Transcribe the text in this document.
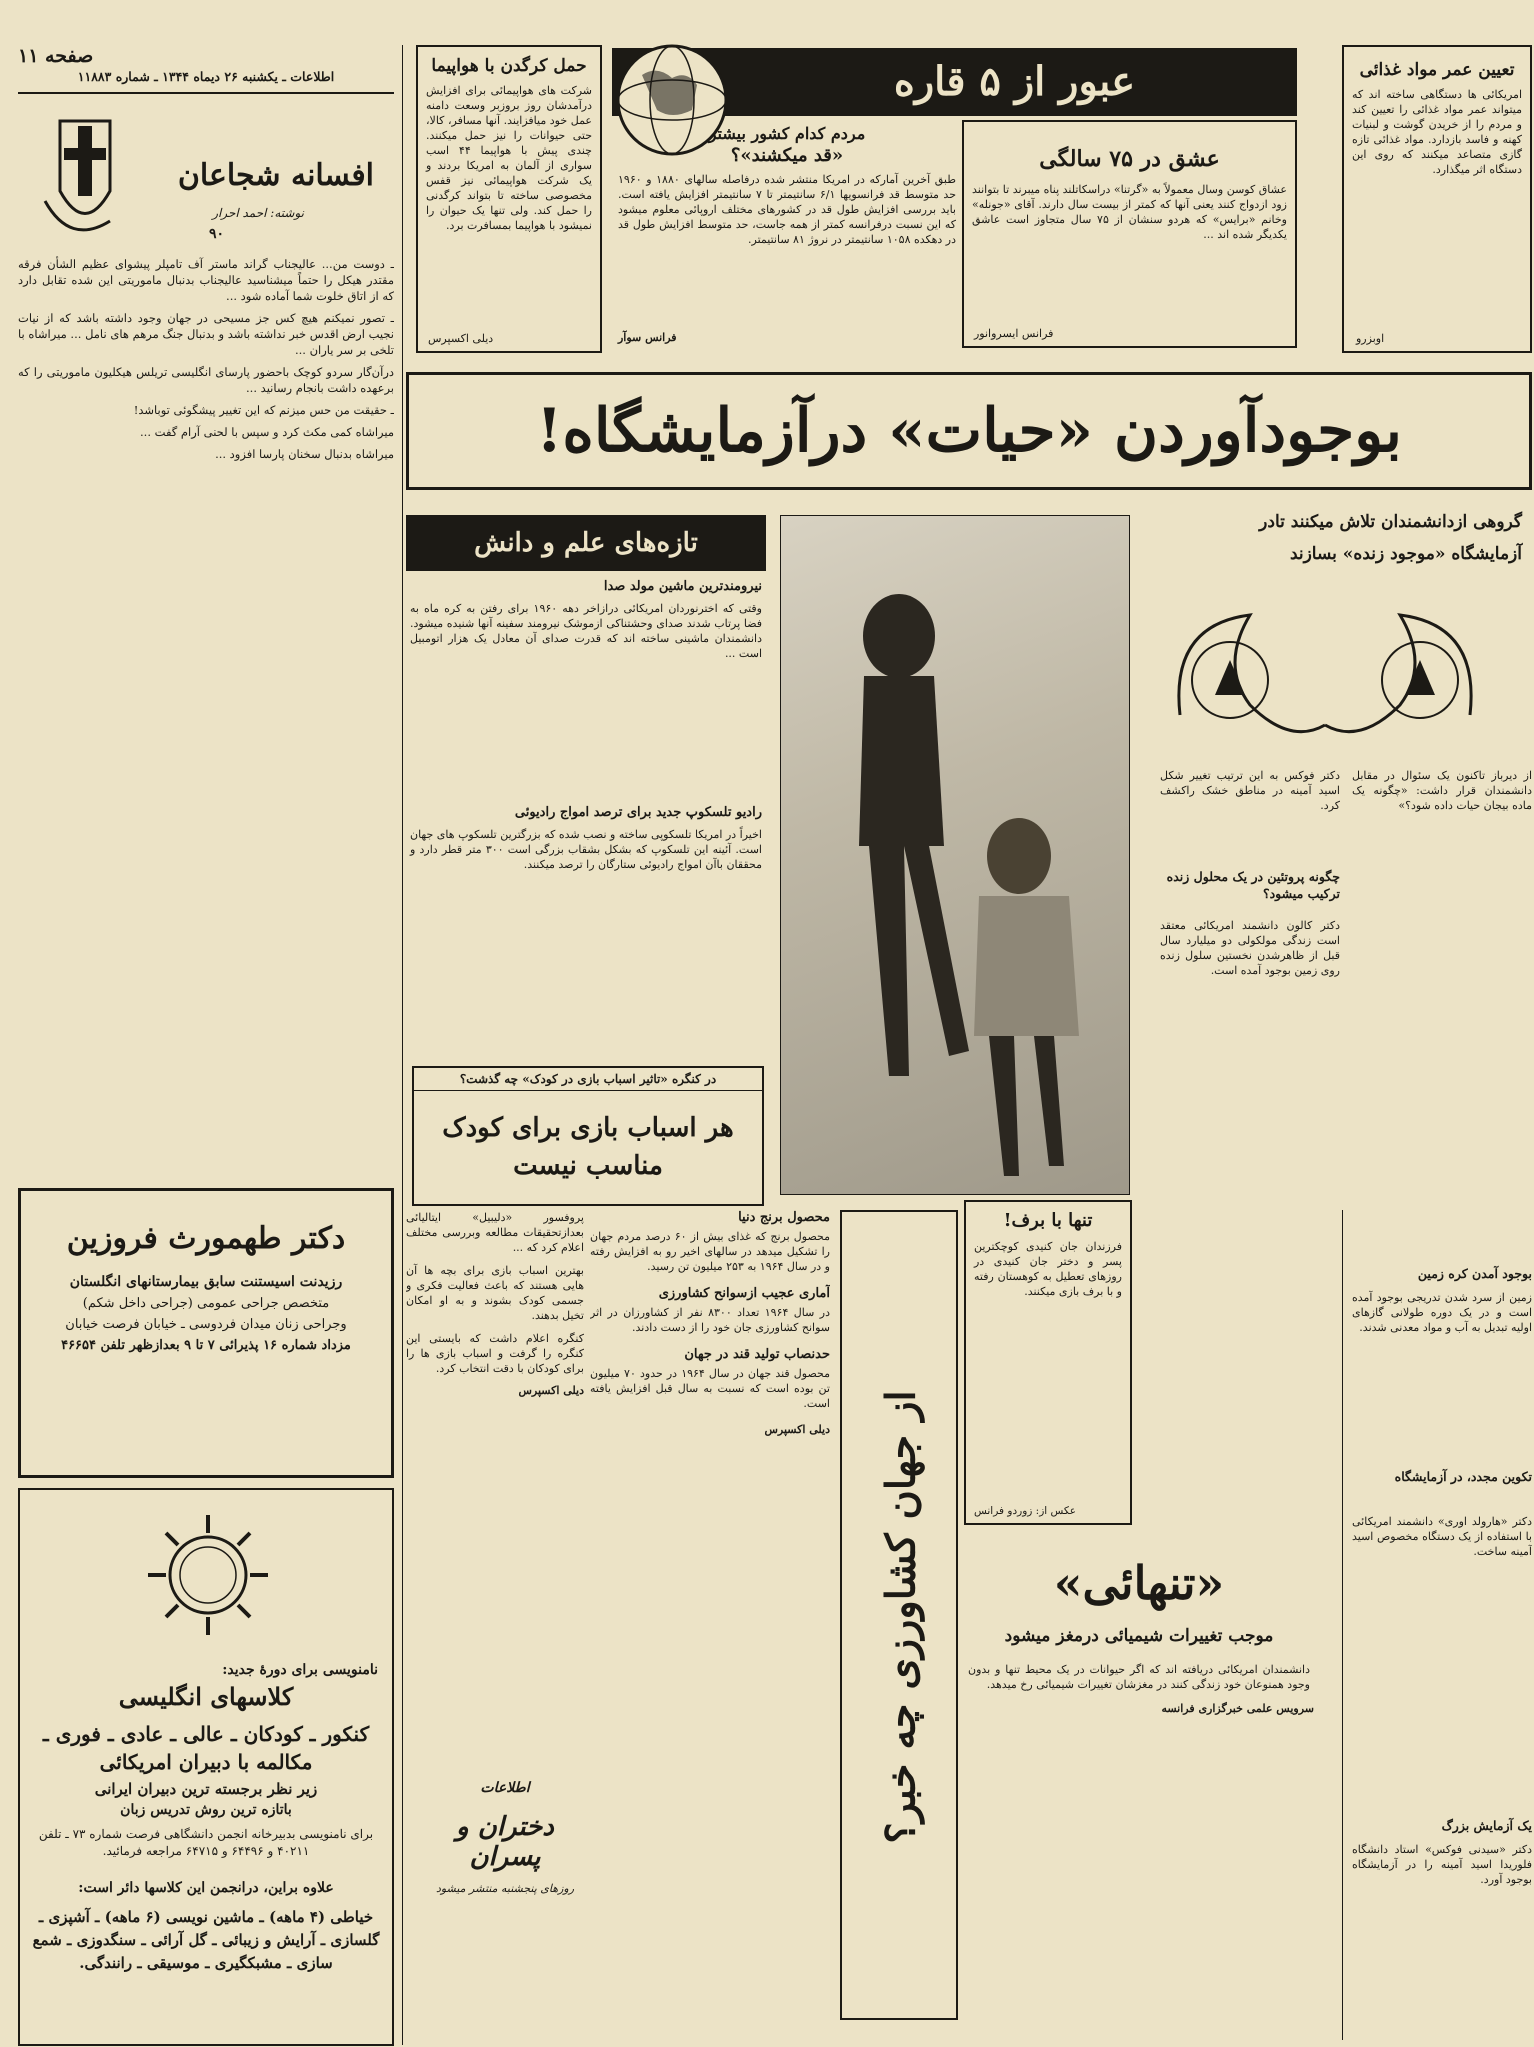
صفحه ۱۱
اطلاعات ـ یکشنبه ۲۶ دیماه ۱۳۴۴ ـ شماره ۱۱۸۸۳
افسانه شجاعان
نوشته: احمد احرار
۹۰

ـ دوست من... عالیجناب گراند ماستر آف تامپلر پیشوای عظیم الشأن فرقه مقتدر هیکل را حتماً میشناسید عالیجناب بدنبال ماموریتی این شده تقابل دارد که از اتاق خلوت شما آماده شود ...

ـ تصور نمیکنم هیچ کس جز مسیحی در جهان وجود داشته باشد که از نیات نجیب ارض اقدس خبر نداشته باشد و بدنبال جنگ مرهم های نامل ... میراشاه با تلخی بر سر یاران ...

درآن‌گار سردو کوچک باحضور پارسای انگلیسی تریلس هیکلیون ماموریتی را که برعهده داشت بانجام رسانید ...

ـ حقیقت من حس میزنم که این تغییر پیشگوئی توباشد!

میراشاه کمی مکث کرد و سپس با لحنی آرام گفت ...

میراشاه بدنبال سخنان پارسا افزود ...

دکتر طهمورث فروزین
رزیدنت اسیستنت سابق بیمارستانهای انگلستان
متخصص جراحی عمومی (جراحی داخل شکم)
وجراحی زنان میدان فردوسی ـ خیابان فرصت خیابان
مزداد شماره ۱۶ پذیرائی ۷ تا ۹ بعدازظهر تلفن ۴۶۶۵۴
نامنویسی برای دورهٔ جدید:
کلاسهای انگلیسی
کنکور ـ کودکان ـ عالی ـ عادی ـ فوری ـ مکالمه با دبیران امریکائی
زیر نظر برجسته ترین دبیران ایرانی
باتازه ترین روش تدریس زبان
برای نامنویسی بدبیرخانه انجمن دانشگاهی فرصت شماره ۷۳ ـ تلفن ۴۰۲۱۱ و ۶۴۴۹۶ و ۶۴۷۱۵ مراجعه فرمائید.
علاوه براین، درانجمن این کلاسها دائر است:
خیاطی (۴ ماهه) ـ ماشین نویسی (۶ ماهه) ـ آشپزی ـ گلسازی ـ آرایش و زیبائی ـ گل آرائی ـ سنگدوزی ـ شمع سازی ـ مشبکگیری ـ موسیقی ـ رانندگی.
حمل کرگدن با هواپیما
شرکت های هواپیمائی برای افزایش درآمدشان روز بروزبر وسعت دامنه عمل خود میافزایند. آنها مسافر، کالا، حتی حیوانات را نیز حمل میکنند. چندی پیش با هواپیما ۴۴ اسب سواری از آلمان به امریکا بردند و یک شرکت هواپیمائی نیز قفس مخصوصی ساخته تا بتواند کرگدنی را حمل کند. ولی تنها یک حیوان را نمیشود با هواپیما بمسافرت برد.
دیلی اکسپرس
عبور از ۵ قاره
مردم کدام کشور بیشتر
«قد میکشند»؟
طبق آخرین آمارکه در امریکا منتشر شده درفاصله سالهای ۱۸۸۰ و ۱۹۶۰ حد متوسط قد فرانسویها ۶/۱ سانتیمتر تا ۷ سانتیمتر افزایش یافته است. باید بررسی افزایش طول قد در کشورهای مختلف اروپائی معلوم میشود که این نسبت درفرانسه کمتر از همه جاست، حد متوسط افزایش طول قد در دهکده ۱۰۵۸ سانتیمتر در نروژ ۸۱ سانتیمتر.
فرانس سوآر
عشق در ۷۵ سالگی
عشاق کوسن وسال معمولاً به «گرتنا» دراسکاتلند پناه میبرند تا بتوانند زود ازدواج کنند یعنی آنها که کمتر از بیست سال دارند. آقای «جونله» وخانم «برایس» که هردو سنشان از ۷۵ سال متجاوز است عاشق یکدیگر شده اند ...
فرانس ایسروانور
تعیین عمر مواد غذائی
امریکائی ها دستگاهی ساخته اند که میتواند عمر مواد غذائی را تعیین کند و مردم را از خریدن گوشت و لبنیات کهنه و فاسد بازدارد. مواد غذائی تازه گازی متصاعد میکنند که روی این دستگاه اثر میگذارد.
اوبزرو
بوجودآوردن «حیات» درآزمایشگاه!
گروهی ازدانشمندان تلاش میکنند تادر
آزمایشگاه «موجود زنده» بسازند
تازه‌های علم و دانش
نیرومندترین ماشین مولد صدا
وقتی که اخترنوردان امریکائی درازاخر دهه ۱۹۶۰ برای رفتن به کره ماه به فضا پرتاب شدند صدای وحشتناکی ازموشک نیرومند سفینه آنها شنیده میشود. دانشمندان ماشینی ساخته اند که قدرت صدای آن معادل یک هزار اتومبیل است ...
رادیو تلسکوپ جدید برای ترصد امواج رادیوئی
اخیراً در امریکا تلسکوپی ساخته و نصب شده که بزرگترین تلسکوپ های جهان است. آئینه این تلسکوپ که بشکل بشقاب بزرگی است ۳۰۰ متر قطر دارد و محققان باآن امواج رادیوئی ستارگان را ترصد میکنند.
در کنگره «تاثیر اسباب بازی در کودک» چه گذشت؟
هر اسباب بازی برای کودک مناسب نیست
پروفسور «دلیبیل» ایتالیائی بعدازتحقیقات مطالعه وبررسی مختلف اعلام کرد که ...
بهترین اسباب بازی برای بچه ها آن هایی هستند که باعث فعالیت فکری و جسمی کودک بشوند و به او امکان تخیل بدهند.
کنگره اعلام داشت که بایستی این کنگره را گرفت و اسباب بازی ها را برای کودکان با دقت انتخاب کرد.
دیلی اکسپرس
محصول برنج دنیا
محصول برنج که غذای بیش از ۶۰ درصد مردم جهان را تشکیل میدهد در سالهای اخیر رو به افزایش رفته و در سال ۱۹۶۴ به ۲۵۳ میلیون تن رسید.
آماری عجیب ازسوانح کشاورزی
در سال ۱۹۶۴ تعداد ۸۳۰۰ نفر از کشاورزان در اثر سوانح کشاورزی جان خود را از دست دادند.
حدنصاب تولید قند در جهان
محصول قند جهان در سال ۱۹۶۴ در حدود ۷۰ میلیون تن بوده است که نسبت به سال قبل افزایش یافته است.
دیلی اکسپرس
اطلاعات
دختران و پسران
روزهای پنجشنبه منتشر میشود
از جهان کشاورزی چه خبر؟
تنها با برف!
فرزندان جان کنیدی کوچکترین پسر و دختر جان کنیدی در روزهای تعطیل به کوهستان رفته و با برف بازی میکنند.
عکس از: زوردو فرانس
«تنهائی»
موجب تغییرات شیمیائی درمغز میشود
دانشمندان امریکائی دریافته اند که اگر حیوانات در یک محیط تنها و بدون وجود همنوعان خود زندگی کنند در مغزشان تغییرات شیمیائی رخ میدهد.
سرویس علمی خبرگزاری فرانسه
از دیرباز تاکنون یک سئوال در مقابل دانشمندان قرار داشت: «چگونه یک ماده بیجان حیات داده شود؟»
دکتر فوکس به این ترتیب تغییر شکل اسید آمینه در مناطق خشک راکشف کرد.
چگونه پروتئین در یک محلول زنده ترکیب میشود؟
دکتر کالون دانشمند امریکائی معتقد است زندگی مولکولی دو میلیارد سال قبل از ظاهرشدن نخستین سلول زنده روی زمین بوجود آمده است.
بوجود آمدن کره زمین
زمین از سرد شدن تدریجی بوجود آمده است و در یک دوره طولانی گازهای اولیه تبدیل به آب و مواد معدنی شدند.
تکوین مجدد، در آزمایشگاه
دکتر «هارولد اوری» دانشمند امریکائی با استفاده از یک دستگاه مخصوص اسید آمینه ساخت.
یک آزمایش بزرگ
دکتر «سیدنی فوکس» استاد دانشگاه فلوریدا اسید آمینه را در آزمایشگاه بوجود آورد.
